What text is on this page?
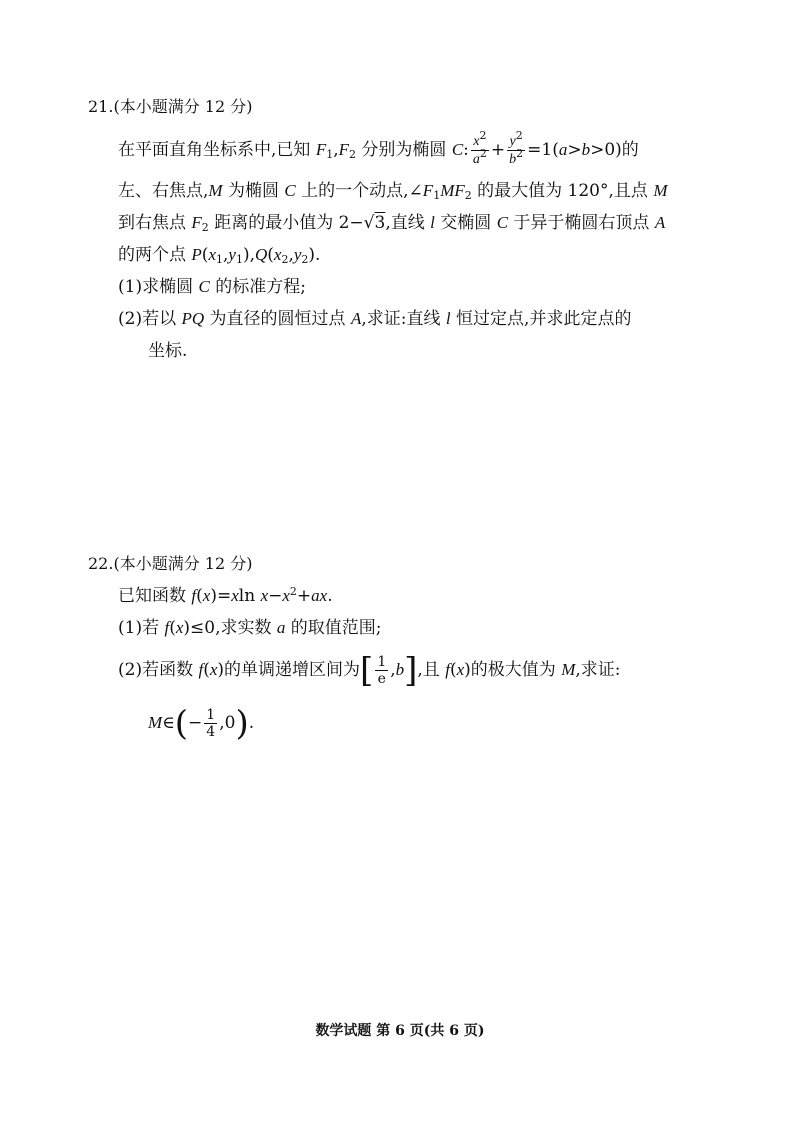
21.(本小题满分 12 分)
在平面直角坐标系中,已知 $F_1,F_2$ 分别为椭圆 C: $\frac{x^2}{a^2} + \frac{y^2}{b^2} =1(a>b>0)$的
左、右焦点,M 为椭圆 C 上的一个动点$,\angle F_1MF_2$ 的最大值为 120°,且点 M
到右焦点 $F_2$ 距离的最小值为 2−√3,直线 l 交椭圆 C 于异于椭圆右顶点 A
的两个点 $P(x_1,y_1),Q(x_2,y_2)$.
(1)求椭圆 C 的标准方程;
(2)若以 PQ 为直径的圆恒过点 A,求证:直线 l 恒过定点,并求此定点的
坐标.
22.(本小题满分 12 分)
已知函数 f(x)=xln $x-x^2+ax$.
(1)若 f(x)≤0,求实数 a 的取值范围;
(2)若函数 f(x)的单调递增区间为[ $\frac{1}{e} ,b$],且 f(x)的极大值为 M,求证:
M∈(− $\frac{1}{4} ,0$).
数学试题 第 6 页(共 6 页)
